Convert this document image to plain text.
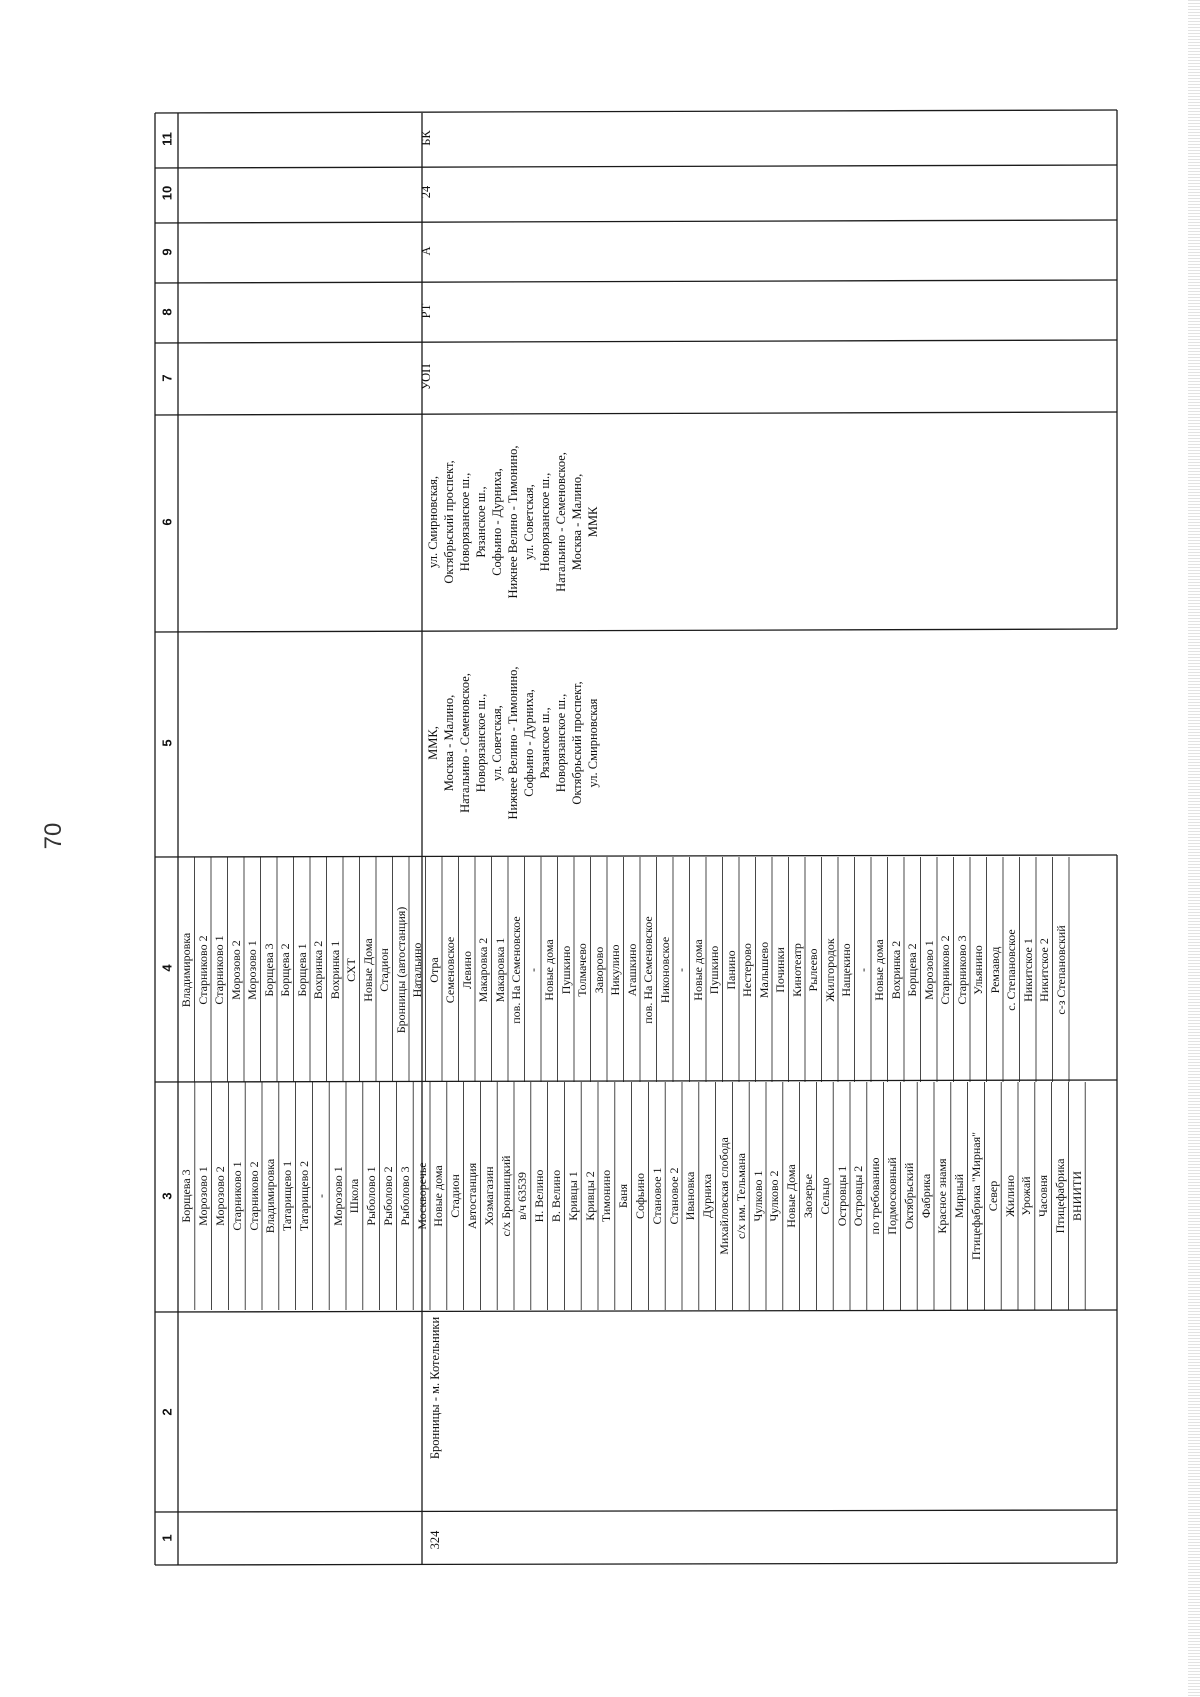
70
1
2
3
4
5
6
7
8
9
10
11
324
Бронницы - м. Котельники
УОП
РТ
А
24
БК
Борщева 3 Морозово 1 Морозово 2 Старниково 1 Старниково 2 Владимировка Татарищево 1 Татарищево 2 - Морозово 1 Школа Рыболово 1 Рыболово 2 Рыболово 3 Москворечье Новые дома Стадион Автостанция Хозмагазин с/х Бронницкий в/ч 63539 Н. Велино В. Велино Кривцы 1 Кривцы 2 Тимонино Баня Софьино Становое 1 Становое 2 Ивановка Дурниха Михайловская слобода с/х им. Тельмана Чулково 1 Чулково 2 Новые Дома Заозерье Сельцо Островцы 1 Островцы 2 по требованию Подмосковный Октябрьский Фабрика Красное знамя Мирный Птицефабрика "Мирная" Север Жилино Урожай Часовня Птицефабрика ВНИИТИ
Владимировка Старниково 2 Старниково 1 Морозово 2 Морозово 1 Борщева 3 Борщева 2 Борщева 1 Вохринка 2 Вохринка 1 СХТ Новые Дома Стадион Бронницы (автостанция) Натальино Отра Семеновское Левино Макаровка 2 Макаровка 1 пов. На Семеновское - Новые дома Пушкино Толмачево Заворово Никулино Агашкино пов. На Семеновское Никоновское - Новые дома Пушкино Панино Нестерово Малышево Починки Кинотеатр Рылеево Жилгородок Нащекино - Новые дома Вохринка 2 Борщева 2 Морозово 1 Старниково 2 Старниково 3 Ульянино Ремзавод с. Степановское Никитское 1 Никитское 2 с-з Степановский
ММК, Москва - Малино, Натальино - Семеновское, Новорязанское ш., ул. Советская, Нижнее Велино - Тимонино, Софьино - Дурниха, Рязанское ш., Новорязанское ш., Октябрьский проспект, ул. Смирновская
ул. Смирновская, Октябрьский проспект, Новорязанское ш., Рязанское ш., Софьино - Дурниха, Нижнее Велино - Тимонино, ул. Советская, Новорязанское ш., Натальино - Семеновское, Москва - Малино, ММК
